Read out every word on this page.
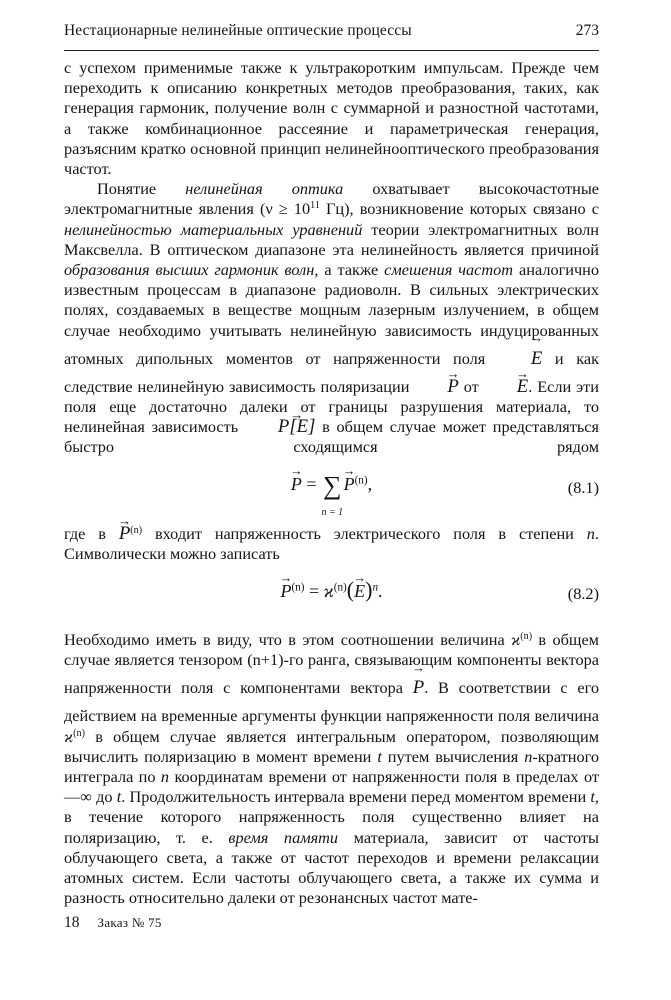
Нестационарные нелинейные оптические процессы	273

с успехом применимые также к ультракоротким импульсам. Прежде чем переходить к описанию конкретных методов преобразования, таких, как генерация гармоник, получение волн с суммарной и разностной частотами, а также комбинационное рассеяние и параметрическая генерация, разъясним кратко основной принцип нелинейнооптического преобразования частот.

Понятие нелинейная оптика охватывает высокочастотные электромагнитные явления ($\nu \ge 10^{11}$ Гц), возникновение которых связано с нелинейностью материальных уравнений теории электромагнитных волн Максвелла. В оптическом диапазоне эта нелинейность является причиной образования высших гармоник волн, а также смешения частот аналогично известным процессам в диапазоне радиоволн. В сильных электрических полях, создаваемых в веществе мощным лазерным излучением, в общем случае необходимо учитывать нелинейную зависимость индуцированных атомных дипольных моментов от напряженности поля → E и как следствие нелинейную зависимость поляризации → P от → E. Если эти поля еще достаточно далеки от границы разрушения материала, то нелинейная зависимость → P[E] в общем случае может представляться быстро сходящимся рядом

→ P = ∑
n = 1
→ $P^{(n)}$,	(8.1)

где $в \to P^{(n)}$ входит напряженность электрического поля в степени n. Символически можно записать

→ $P^{(n)} = ϰ^{(n)}(\to E)^n$.	(8.2)

Необходимо иметь в виду, что в этом соотношении величина $ϰ^{(n)}$ в общем случае является тензором (n+1)-го ранга, связывающим компоненты вектора напряженности поля с компонентами вектора → P. В соответствии с его действием на временные аргументы функции напряженности поля величина $ϰ^{(n)}$ в общем случае является интегральным оператором, позволяющим вычислить поляризацию в момент времени t путем вычисления n-кратного интеграла по n координатам времени от напряженности поля в пределах от —∞ до t. Продолжительность интервала времени перед моментом времени t, в течение которого напряженность поля существенно влияет на поляризацию, т. е. время памяти материала, зависит от частоты облучающего света, а также от частот переходов и времени релаксации атомных систем. Если частоты облучающего света, а также их сумма и разность относительно далеки от резонансных частот мате-

18 Заказ № 75
